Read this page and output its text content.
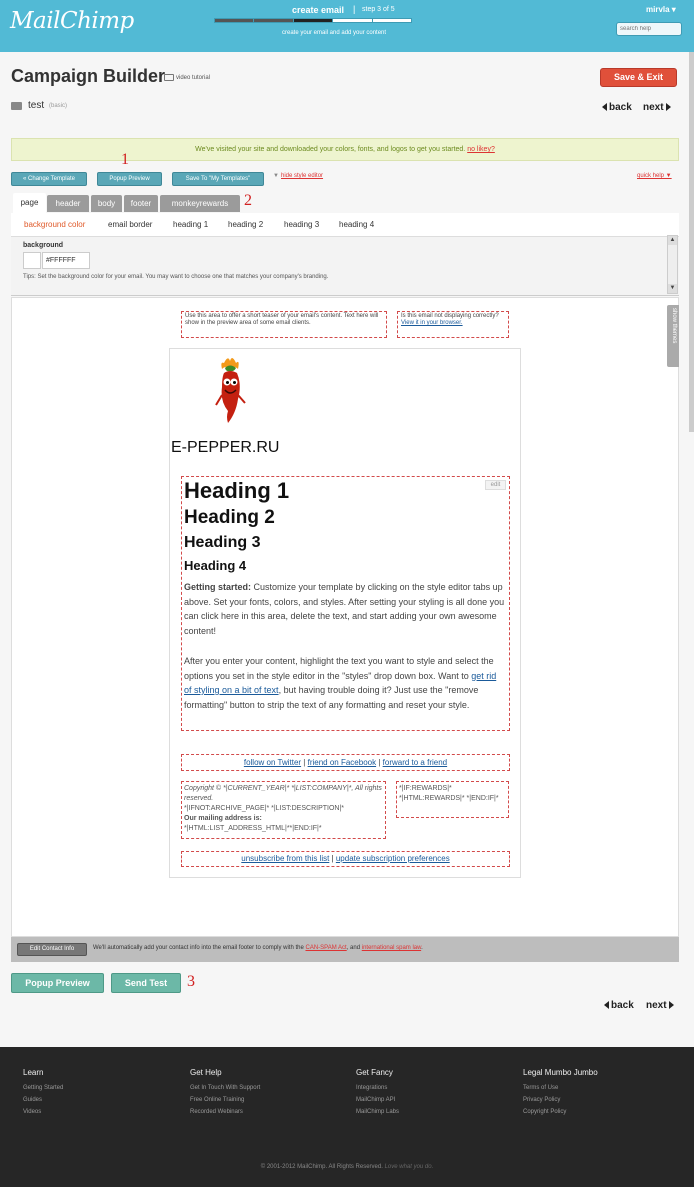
MailChimp	create email | step 3 of 5
create your email and add your content
mirvla ▾
search help
Campaign Builder video tutorial	Save & Exit
test (basic)	back next
We've visited your site and downloaded your colors, fonts, and logos to get you started. no likey?
« Change Template
1
Popup Preview	Save To "My Templates"	▼ hide style editor	quick help ▼
page	header	body	footer	monkeyrewards 2
background color	email border	heading 1 heading 2	heading 3 heading 4
background
#FFFFFF
Tips: Set the background color for your email. You may want to choose one that matches your company's branding.
▲
▼
show themes
Use this area to offer a short teaser of your email's content. Text here will show in the preview area of some email clients.
Is this email not displaying correctly?
View it in your browser.
E-PEPPER.RU
edit
Heading 1
Heading 2
Heading 3
Heading 4
Getting started: Customize your template by clicking on the style editor tabs up above. Set your fonts, colors, and styles. After setting your styling is all done you can click here in this area, delete the text, and start adding your own awesome content!
After you enter your content, highlight the text you want to style and select the options you set in the style editor in the "styles" drop down box. Want to get rid of styling on a bit of text, but having trouble doing it? Just use the "remove formatting" button to strip the text of any formatting and reset your style.
follow on Twitter | friend on Facebook | forward to a friend
Copyright © *|CURRENT_YEAR|* *|LIST:COMPANY|*, All rights reserved.
*|IFNOT:ARCHIVE_PAGE|* *|LIST:DESCRIPTION|*
Our mailing address is:
*|HTML:LIST_ADDRESS_HTML|**|END:IF|*
*|IF:REWARDS|* *|HTML:REWARDS|* *|END:IF|*
unsubscribe from this list | update subscription preferences
Edit Contact Info	We'll automatically add your contact info into the email footer to comply with the CAN-SPAM Act, and international spam law.
Popup Preview	Send Test	3
back next
Learn
Getting Started
Guides
Videos
Get Help
Get In Touch With Support
Free Online Training
Recorded Webinars
Get Fancy
Integrations
MailChimp API
MailChimp Labs
Legal Mumbo Jumbo
Terms of Use
Privacy Policy
Copyright Policy
© 2001-2012 MailChimp. All Rights Reserved. Love what you do.
